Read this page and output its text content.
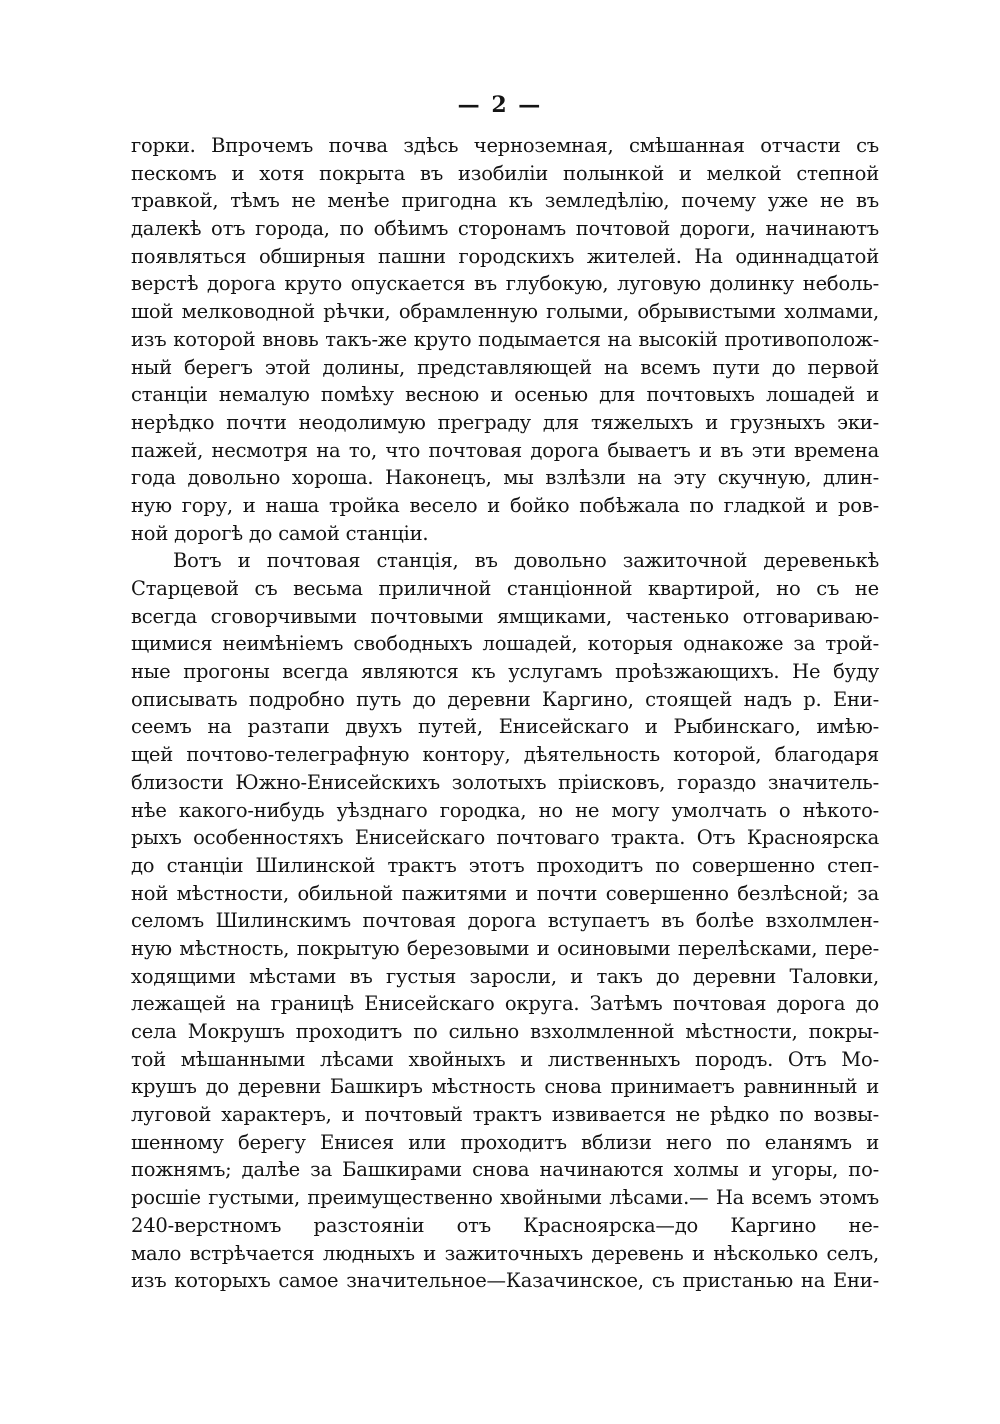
— 2 —
горки. Впрочемъ почва здѣсь черноземная, смѣшанная отчасти съ
пескомъ и хотя покрыта въ изобиліи полынкой и мелкой степной
травкой, тѣмъ не менѣе пригодна къ земледѣлію, почему уже не въ
далекѣ отъ города, по обѣимъ сторонамъ почтовой дороги, начинаютъ
появляться обширныя пашни городскихъ жителей. На одиннадцатой
верстѣ дорога круто опускается въ глубокую, луговую долинку неболь-
шой мелководной рѣчки, обрамленную голыми, обрывистыми холмами,
изъ которой вновь такъ-же круто подымается на высокій противополож-
ный берегъ этой долины, представляющей на всемъ пути до первой
станціи немалую помѣху весною и осенью для почтовыхъ лошадей и
нерѣдко почти неодолимую преграду для тяжелыхъ и грузныхъ эки-
пажей, несмотря на то, что почтовая дорога бываетъ и въ эти времена
года довольно хороша. Наконецъ, мы взлѣзли на эту скучную, длин-
ную гору, и наша тройка весело и бойко побѣжала по гладкой и ров-
ной дорогѣ до самой станціи.
Вотъ и почтовая станція, въ довольно зажиточной деревенькѣ
Старцевой съ весьма приличной станціонной квартирой, но съ не
всегда сговорчивыми почтовыми ямщиками, частенько отговаривaю-
щимися неимѣніемъ свободныхъ лошадей, которыя однакоже за трой-
ные прогоны всегда являются къ услугамъ проѣзжающихъ. Не буду
описывать подробно путь до деревни Каргино, стоящей надъ р. Ени-
сеемъ на разтапи двухъ путей, Енисейскаго и Рыбинскаго, имѣю-
щей почтово-телеграфную контору, дѣятельность которой, благодаря
близости Южно-Енисейскихъ золотыхъ пріисковъ, гораздо значитель-
нѣе какого-нибудь уѣзднаго городка, но не могу умолчать о нѣкото-
рыхъ особенностяхъ Енисейскаго почтоваго тракта. Отъ Красноярска
до станціи Шилинской трактъ этотъ проходитъ по совершенно степ-
ной мѣстности, обильной пажитями и почти совершенно безлѣсной; за
селомъ Шилинскимъ почтовая дорога вступаетъ въ болѣе взхолмлен-
ную мѣстность, покрытую березовыми и осиновыми перелѣсками, пере-
ходящими мѣстами въ густыя заросли, и такъ до деревни Таловки,
лежащей на границѣ Енисейскаго округа. Затѣмъ почтовая дорога до
села Мокрушъ проходитъ по сильно взхолмленной мѣстности, покры-
той мѣшанными лѣсами хвойныхъ и лиственныхъ породъ. Отъ Мо-
крушъ до деревни Башкиръ мѣстность снова принимаетъ равнинный и
луговой характеръ, и почтовый трактъ извивается не рѣдко по возвы-
шенному берегу Енисея или проходитъ вблизи него по еланямъ и
пожнямъ; далѣе за Башкирами снова начинаются холмы и угоры, по-
росшіе густыми, преимущественно хвойными лѣсами.— На всемъ этомъ
240-верстномъ разстояніи отъ Красноярска—до Каргино не-
мало встрѣчается людныхъ и зажиточныхъ деревень и нѣсколько селъ,
изъ которыхъ самое значительное—Казачинское, съ пристанью на Ени-
